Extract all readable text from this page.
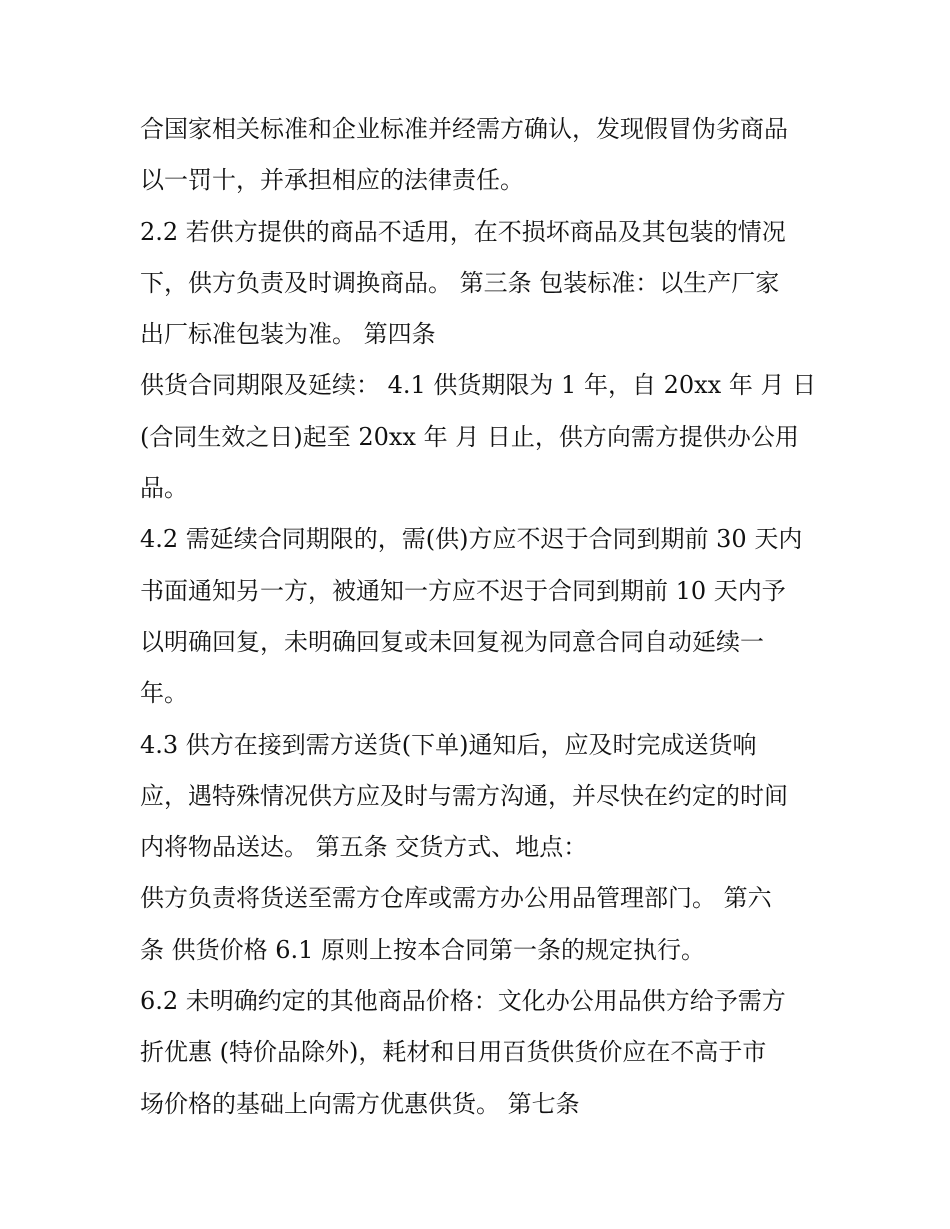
合国家相关标准和企业标准并经需方确认，发现假冒伪劣商品
以一罚十，并承担相应的法律责任。
2.2 若供方提供的商品不适用，在不损坏商品及其包装的情况
下，供方负责及时调换商品。 第三条 包装标准：以生产厂家
出厂标准包装为准。 第四条
供货合同期限及延续： 4.1 供货期限为 1 年，自 20xx 年 月 日
(合同生效之日)起至 20xx 年 月 日止，供方向需方提供办公用
品。
4.2 需延续合同期限的，需(供)方应不迟于合同到期前 30 天内
书面通知另一方，被通知一方应不迟于合同到期前 10 天内予
以明确回复，未明确回复或未回复视为同意合同自动延续一
年。
4.3 供方在接到需方送货(下单)通知后，应及时完成送货响
应，遇特殊情况供方应及时与需方沟通，并尽快在约定的时间
内将物品送达。 第五条 交货方式、地点：
供方负责将货送至需方仓库或需方办公用品管理部门。 第六
条 供货价格 6.1 原则上按本合同第一条的规定执行。
6.2 未明确约定的其他商品价格：文化办公用品供方给予需方
折优惠 (特价品除外)，耗材和日用百货供货价应在不高于市
场价格的基础上向需方优惠供货。 第七条
